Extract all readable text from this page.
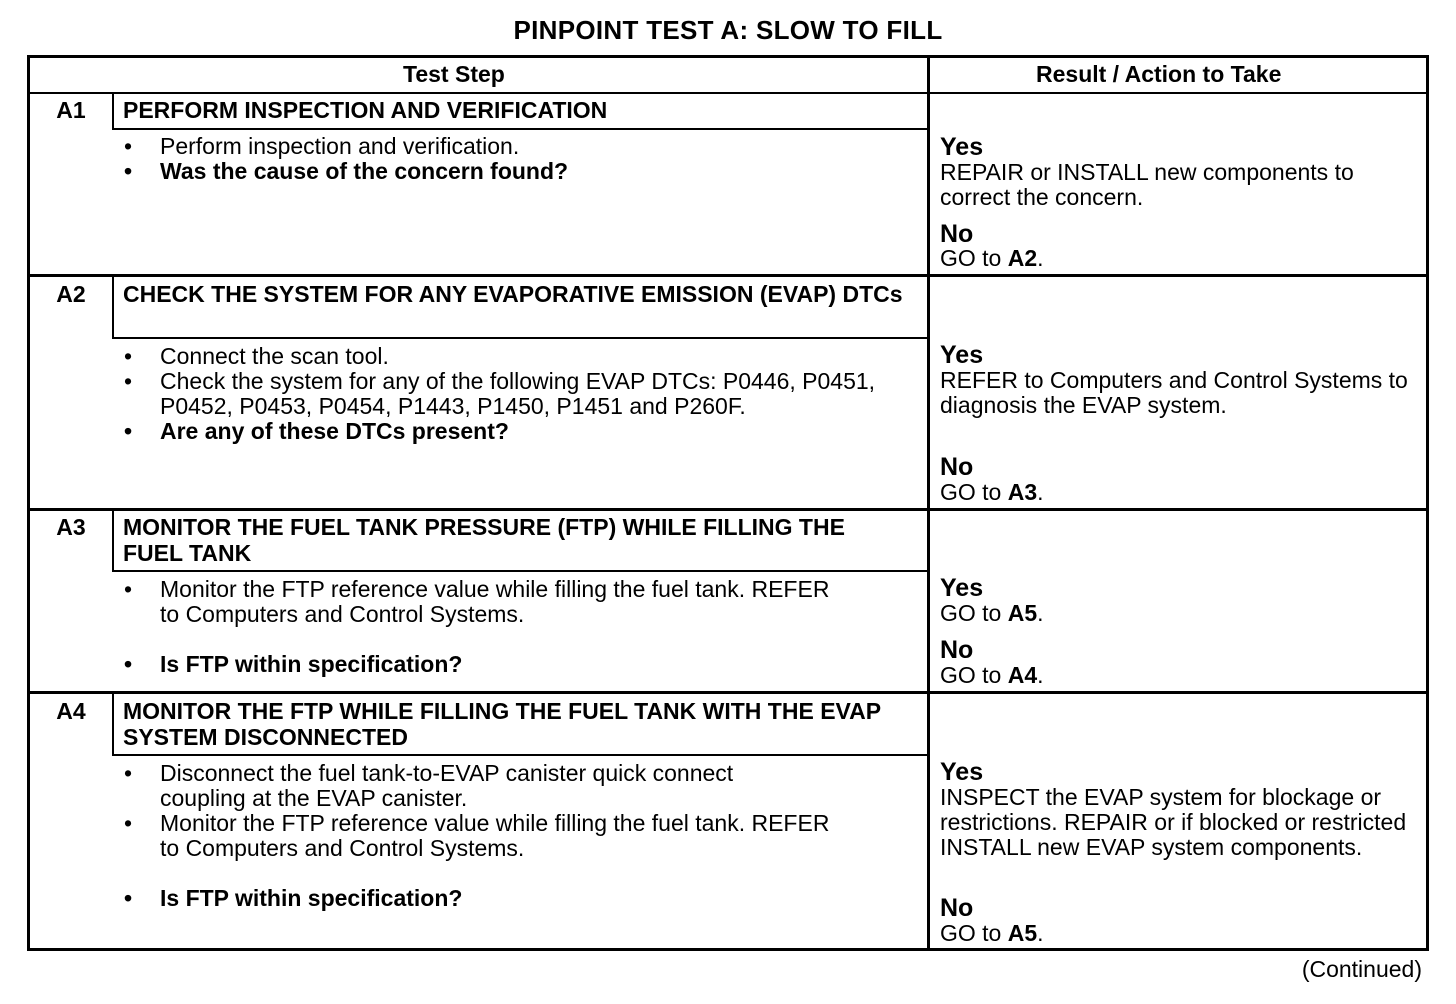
PINPOINT TEST A: SLOW TO FILL
Test Step	Result / Action to Take
A1	PERFORM INSPECTION AND VERIFICATION
• Perform inspection and verification.
• Was the cause of the concern found?
Yes
REPAIR or INSTALL new components to correct the concern.
No
GO to A2.
A2	CHECK THE SYSTEM FOR ANY EVAPORATIVE EMISSION (EVAP) DTCs
• Connect the scan tool.
• Check the system for any of the following EVAP DTCs: P0446, P0451, P0452, P0453, P0454, P1443, P1450, P1451 and P260F.
• Are any of these DTCs present?
Yes
REFER to Computers and Control Systems to diagnosis the EVAP system.
No
GO to A3.
A3	MONITOR THE FUEL TANK PRESSURE (FTP) WHILE FILLING THE FUEL TANK
• Monitor the FTP reference value while filling the fuel tank. REFER to Computers and Control Systems.
• Is FTP within specification?
Yes
GO to A5.
No
GO to A4.
A4	MONITOR THE FTP WHILE FILLING THE FUEL TANK WITH THE EVAP SYSTEM DISCONNECTED
• Disconnect the fuel tank-to-EVAP canister quick connect coupling at the EVAP canister.
• Monitor the FTP reference value while filling the fuel tank. REFER to Computers and Control Systems.
• Is FTP within specification?
Yes
INSPECT the EVAP system for blockage or restrictions. REPAIR or if blocked or restricted INSTALL new EVAP system components.
No
GO to A5.
(Continued)
